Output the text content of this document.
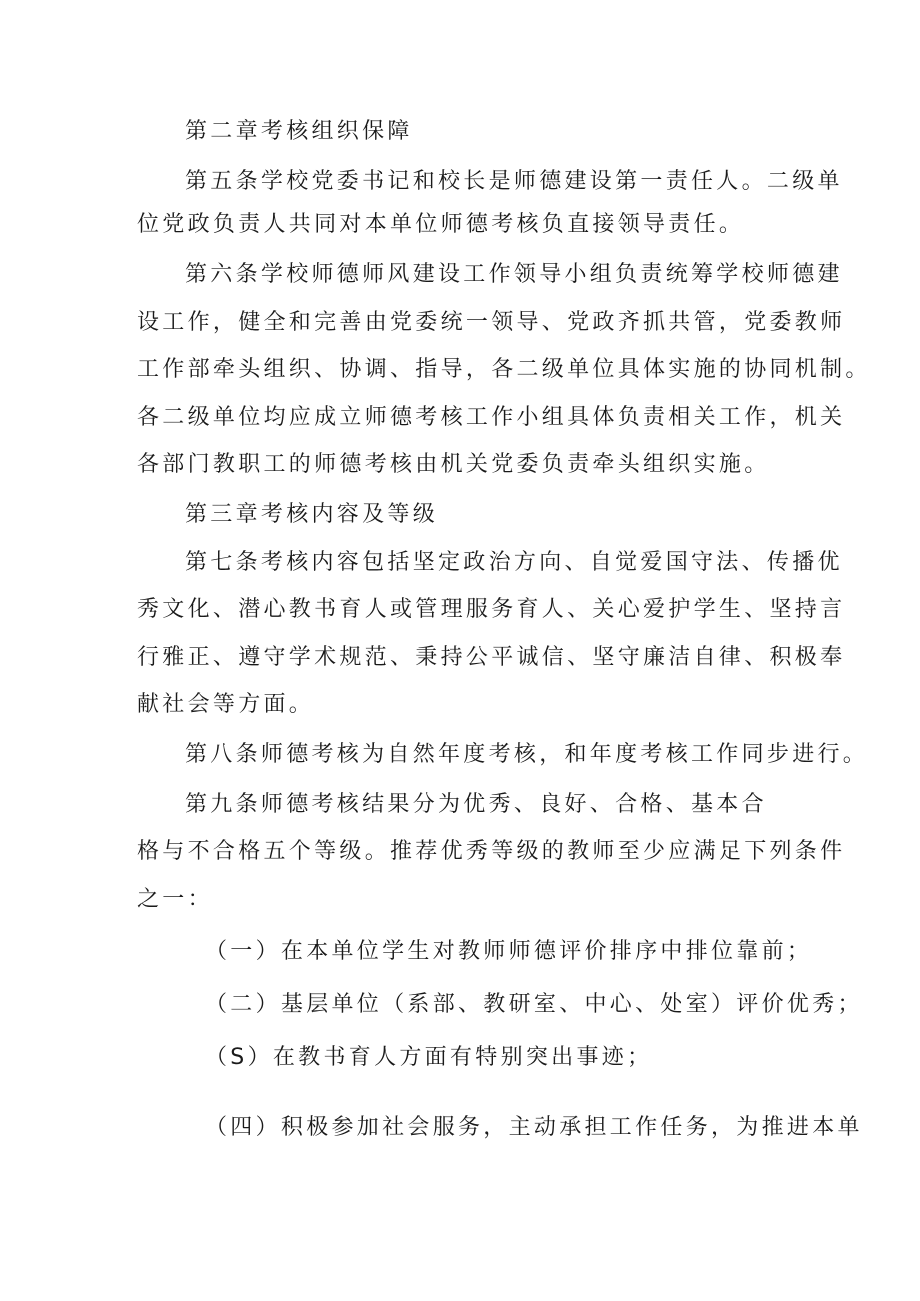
第二章考核组织保障
第五条学校党委书记和校长是师德建设第一责任人。二级单
位党政负责人共同对本单位师德考核负直接领导责任。
第六条学校师德师风建设工作领导小组负责统筹学校师德建
设工作，健全和完善由党委统一领导、党政齐抓共管，党委教师
工作部牵头组织、协调、指导，各二级单位具体实施的协同机制。
各二级单位均应成立师德考核工作小组具体负责相关工作，机关
各部门教职工的师德考核由机关党委负责牵头组织实施。
第三章考核内容及等级
第七条考核内容包括坚定政治方向、自觉爱国守法、传播优
秀文化、潜心教书育人或管理服务育人、关心爱护学生、坚持言
行雅正、遵守学术规范、秉持公平诚信、坚守廉洁自律、积极奉
献社会等方面。
第八条师德考核为自然年度考核，和年度考核工作同步进行。
第九条师德考核结果分为优秀、良好、合格、基本合
格与不合格五个等级。推荐优秀等级的教师至少应满足下列条件
之一：
（一）在本单位学生对教师师德评价排序中排位靠前；
（二）基层单位（系部、教研室、中心、处室）评价优秀；
（S）在教书育人方面有特别突出事迹；
（四）积极参加社会服务，主动承担工作任务，为推进本单
